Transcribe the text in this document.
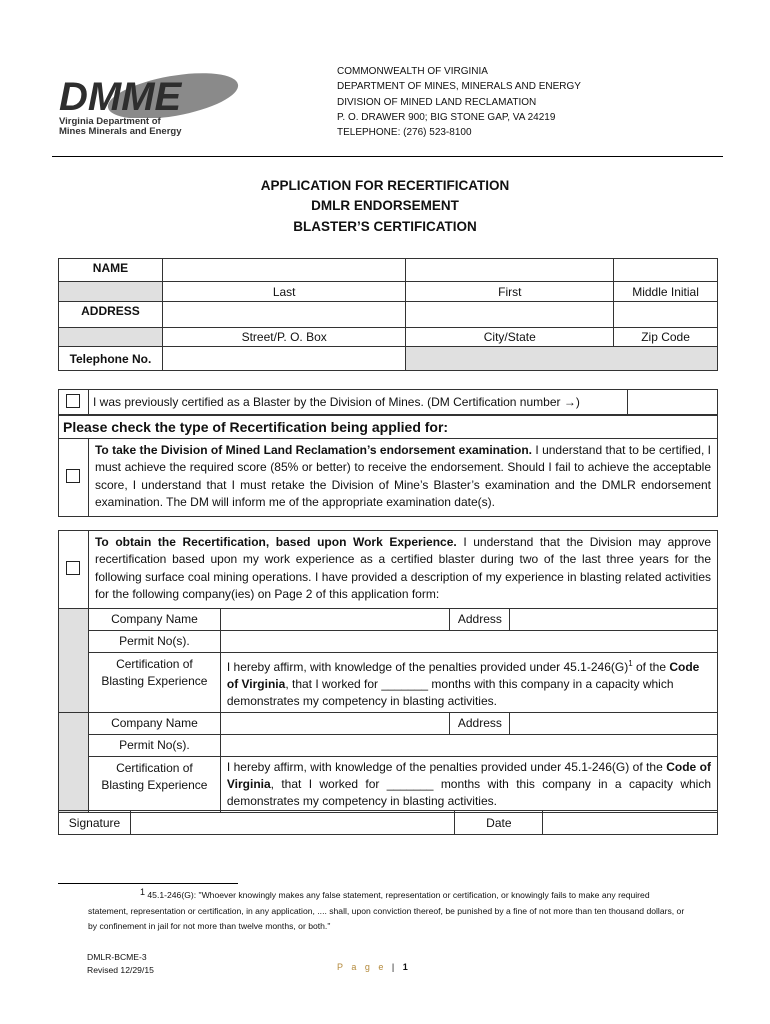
DMME
Virginia Department of
Mines Minerals and Energy
COMMONWEALTH OF VIRGINIA
DEPARTMENT OF MINES, MINERALS AND ENERGY
DIVISION OF MINED LAND RECLAMATION
P. O. DRAWER 900; BIG STONE GAP, VA 24219
TELEPHONE: (276) 523-8100
APPLICATION FOR RECERTIFICATION
DMLR ENDORSEMENT
BLASTER’S CERTIFICATION
NAME			
	Last	First	Middle Initial
ADDRESS			
	Street/P. O. Box	City/State	Zip Code
Telephone No.			
	I was previously certified as a Blaster by the Division of Mines. (DM Certification number →)	
Please check the type of Recertification being applied for:
	To take the Division of Mined Land Reclamation’s endorsement examination. I understand that to be certified, I must achieve the required score (85% or better) to receive the endorsement. Should I fail to achieve the acceptable score, I understand that I must retake the Division of Mine’s Blaster’s examination and the DMLR endorsement examination. The DM will inform me of the appropriate examination date(s).
	To obtain the Recertification, based upon Work Experience. I understand that the Division may approve recertification based upon my work experience as a certified blaster during two of the last three years for the following surface coal mining operations. I have provided a description of my experience in blasting related activities for the following company(ies) on Page 2 of this application form:			
	Company Name		Address	
	Permit No(s).			

	Certification of
Blasting Experience	I hereby affirm, with knowledge of the penalties provided under $45.1-246(G)^1$ of the Code of Virginia, that I worked for _______ months with this company in a capacity which demonstrates my competency in blasting activities.		
	Company Name		Address	
	Permit No(s).			

	Certification of
Blasting Experience	I hereby affirm, with knowledge of the penalties provided under 45.1-246(G) of the Code of Virginia, that I worked for _______ months with this company in a capacity which demonstrates my competency in blasting activities.		
Signature		Date	
$^1$ 45.1-246(G): "Whoever knowingly makes any false statement, representation or certification, or knowingly fails to make any required statement, representation or certification, in any application, .... shall, upon conviction thereof, be punished by a fine of not more than ten thousand dollars, or by confinement in jail for not more than twelve months, or both."
DMLR-BCME-3
Revised 12/29/15	P a g e | 1
